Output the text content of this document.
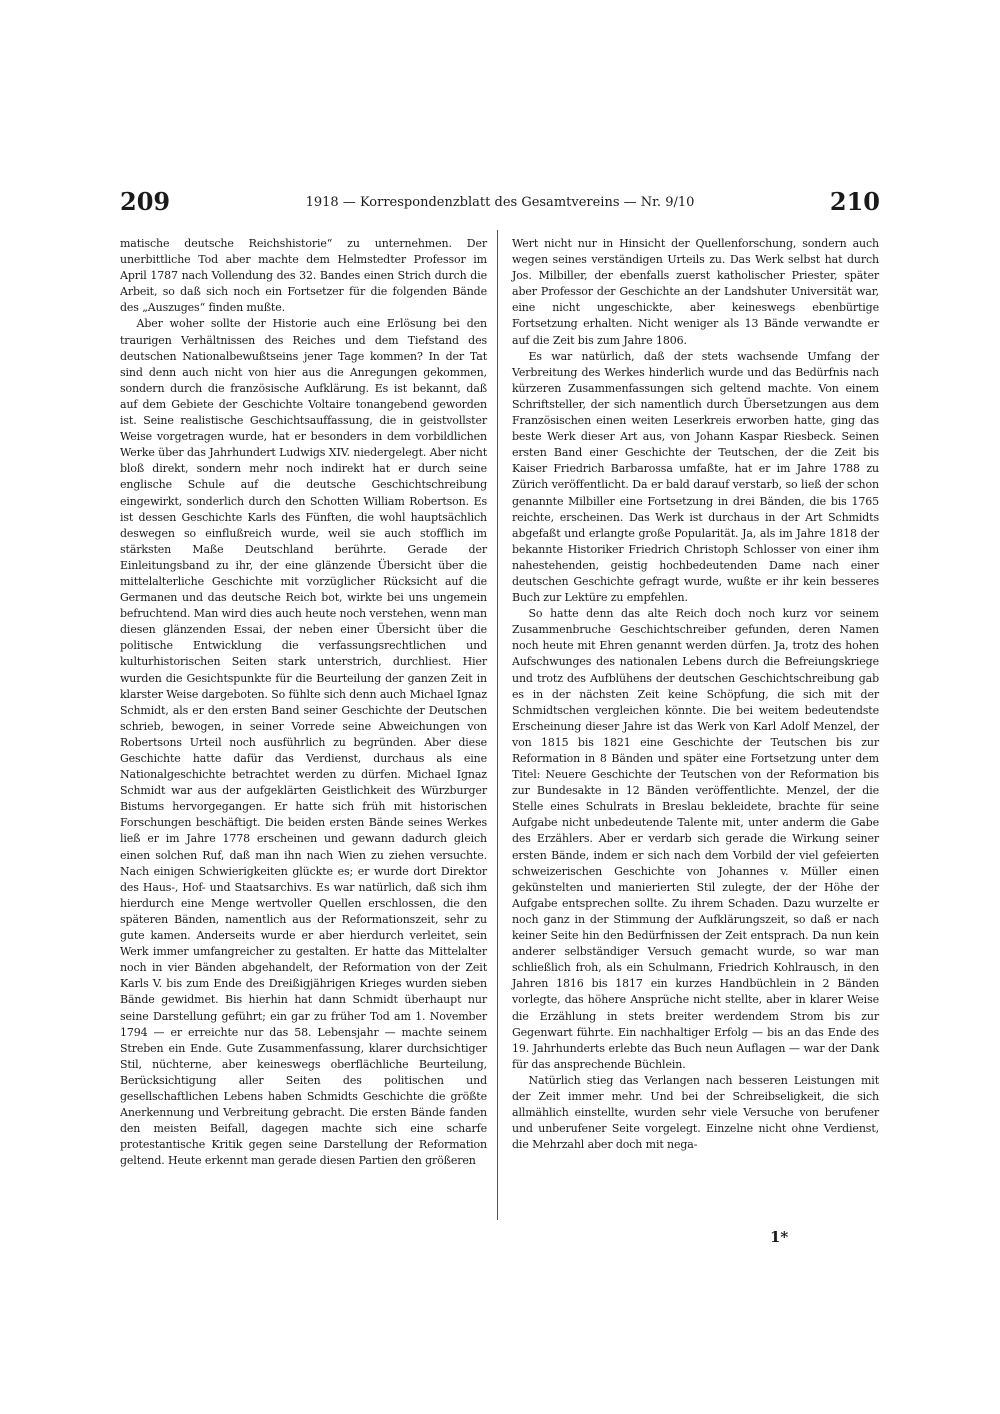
209	1918 — Korrespondenzblatt des Gesamtvereins — Nr. 9/10	210

matische deutsche Reichshistorie“ zu unternehmen. Der unerbittliche Tod aber machte dem Helmstedter Professor im April 1787 nach Vollendung des 32. Bandes einen Strich durch die Arbeit, so daß sich noch ein Fortsetzer für die folgenden Bände des „Auszuges“ finden mußte.

Aber woher sollte der Historie auch eine Erlösung bei den traurigen Verhältnissen des Reiches und dem Tiefstand des deutschen Nationalbewußtseins jener Tage kommen? In der Tat sind denn auch nicht von hier aus die Anregungen gekommen, sondern durch die französische Aufklärung. Es ist bekannt, daß auf dem Gebiete der Geschichte Voltaire tonangebend geworden ist. Seine realistische Geschichtsauffassung, die in geistvollster Weise vorgetragen wurde, hat er besonders in dem vorbildlichen Werke über das Jahrhundert Ludwigs XIV. niedergelegt. Aber nicht bloß direkt, sondern mehr noch indirekt hat er durch seine englische Schule auf die deutsche Geschichtschreibung eingewirkt, sonderlich durch den Schotten William Robertson. Es ist dessen Geschichte Karls des Fünften, die wohl hauptsächlich deswegen so einflußreich wurde, weil sie auch stofflich im stärksten Maße Deutschland berührte. Gerade der Einleitungsband zu ihr, der eine glänzende Übersicht über die mittelalterliche Geschichte mit vorzüglicher Rücksicht auf die Germanen und das deutsche Reich bot, wirkte bei uns ungemein befruchtend. Man wird dies auch heute noch verstehen, wenn man diesen glänzenden Essai, der neben einer Übersicht über die politische Entwicklung die verfassungsrechtlichen und kulturhistorischen Seiten stark unterstrich, durchliest. Hier wurden die Gesichtspunkte für die Beurteilung der ganzen Zeit in klarster Weise dargeboten. So fühlte sich denn auch Michael Ignaz Schmidt, als er den ersten Band seiner Geschichte der Deutschen schrieb, bewogen, in seiner Vorrede seine Abweichungen von Robertsons Urteil noch ausführlich zu begründen. Aber diese Geschichte hatte dafür das Verdienst, durchaus als eine Nationalgeschichte betrachtet werden zu dürfen. Michael Ignaz Schmidt war aus der aufgeklärten Geistlichkeit des Würzburger Bistums hervorgegangen. Er hatte sich früh mit historischen Forschungen beschäftigt. Die beiden ersten Bände seines Werkes ließ er im Jahre 1778 erscheinen und gewann dadurch gleich einen solchen Ruf, daß man ihn nach Wien zu ziehen versuchte. Nach einigen Schwierigkeiten glückte es; er wurde dort Direktor des Haus-, Hof- und Staatsarchivs. Es war natürlich, daß sich ihm hierdurch eine Menge wertvoller Quellen erschlossen, die den späteren Bänden, namentlich aus der Reformationszeit, sehr zu gute kamen. Anderseits wurde er aber hierdurch verleitet, sein Werk immer umfangreicher zu gestalten. Er hatte das Mittelalter noch in vier Bänden abgehandelt, der Reformation von der Zeit Karls V. bis zum Ende des Dreißigjährigen Krieges wurden sieben Bände gewidmet. Bis hierhin hat dann Schmidt überhaupt nur seine Darstellung geführt; ein gar zu früher Tod am 1. November 1794 — er erreichte nur das 58. Lebensjahr — machte seinem Streben ein Ende. Gute Zusammenfassung, klarer durchsichtiger Stil, nüchterne, aber keineswegs oberflächliche Beurteilung, Berücksichtigung aller Seiten des politischen und gesellschaftlichen Lebens haben Schmidts Geschichte die größte Anerkennung und Verbreitung gebracht. Die ersten Bände fanden den meisten Beifall, dagegen machte sich eine scharfe protestantische Kritik gegen seine Darstellung der Reformation geltend. Heute erkennt man gerade diesen Partien den größeren

Wert nicht nur in Hinsicht der Quellenforschung, sondern auch wegen seines verständigen Urteils zu. Das Werk selbst hat durch Jos. Milbiller, der ebenfalls zuerst katholischer Priester, später aber Professor der Geschichte an der Landshuter Universität war, eine nicht ungeschickte, aber keineswegs ebenbürtige Fortsetzung erhalten. Nicht weniger als 13 Bände verwandte er auf die Zeit bis zum Jahre 1806.

Es war natürlich, daß der stets wachsende Umfang der Verbreitung des Werkes hinderlich wurde und das Bedürfnis nach kürzeren Zusammenfassungen sich geltend machte. Von einem Schriftsteller, der sich namentlich durch Übersetzungen aus dem Französischen einen weiten Leserkreis erworben hatte, ging das beste Werk dieser Art aus, von Johann Kaspar Riesbeck. Seinen ersten Band einer Geschichte der Teutschen, der die Zeit bis Kaiser Friedrich Barbarossa umfaßte, hat er im Jahre 1788 zu Zürich veröffentlicht. Da er bald darauf verstarb, so ließ der schon genannte Milbiller eine Fortsetzung in drei Bänden, die bis 1765 reichte, erscheinen. Das Werk ist durchaus in der Art Schmidts abgefaßt und erlangte große Popularität. Ja, als im Jahre 1818 der bekannte Historiker Friedrich Christoph Schlosser von einer ihm nahestehenden, geistig hochbedeutenden Dame nach einer deutschen Geschichte gefragt wurde, wußte er ihr kein besseres Buch zur Lektüre zu empfehlen.

So hatte denn das alte Reich doch noch kurz vor seinem Zusammenbruche Geschichtschreiber gefunden, deren Namen noch heute mit Ehren genannt werden dürfen. Ja, trotz des hohen Aufschwunges des nationalen Lebens durch die Befreiungskriege und trotz des Aufblühens der deutschen Geschichtschreibung gab es in der nächsten Zeit keine Schöpfung, die sich mit der Schmidtschen vergleichen könnte. Die bei weitem bedeutendste Erscheinung dieser Jahre ist das Werk von Karl Adolf Menzel, der von 1815 bis 1821 eine Geschichte der Teutschen bis zur Reformation in 8 Bänden und später eine Fortsetzung unter dem Titel: Neuere Geschichte der Teutschen von der Reformation bis zur Bundesakte in 12 Bänden veröffentlichte. Menzel, der die Stelle eines Schulrats in Breslau bekleidete, brachte für seine Aufgabe nicht unbedeutende Talente mit, unter anderm die Gabe des Erzählers. Aber er verdarb sich gerade die Wirkung seiner ersten Bände, indem er sich nach dem Vorbild der viel gefeierten schweizerischen Geschichte von Johannes v. Müller einen gekünstelten und manierierten Stil zulegte, der der Höhe der Aufgabe entsprechen sollte. Zu ihrem Schaden. Dazu wurzelte er noch ganz in der Stimmung der Aufklärungszeit, so daß er nach keiner Seite hin den Bedürfnissen der Zeit entsprach. Da nun kein anderer selbständiger Versuch gemacht wurde, so war man schließlich froh, als ein Schulmann, Friedrich Kohlrausch, in den Jahren 1816 bis 1817 ein kurzes Handbüchlein in 2 Bänden vorlegte, das höhere Ansprüche nicht stellte, aber in klarer Weise die Erzählung in stets breiter werdendem Strom bis zur Gegenwart führte. Ein nachhaltiger Erfolg — bis an das Ende des 19. Jahrhunderts erlebte das Buch neun Auflagen — war der Dank für das ansprechende Büchlein.

Natürlich stieg das Verlangen nach besseren Leistungen mit der Zeit immer mehr. Und bei der Schreibseligkeit, die sich allmählich einstellte, wurden sehr viele Versuche von berufener und unberufener Seite vorgelegt. Einzelne nicht ohne Verdienst, die Mehrzahl aber doch mit nega-

1*
